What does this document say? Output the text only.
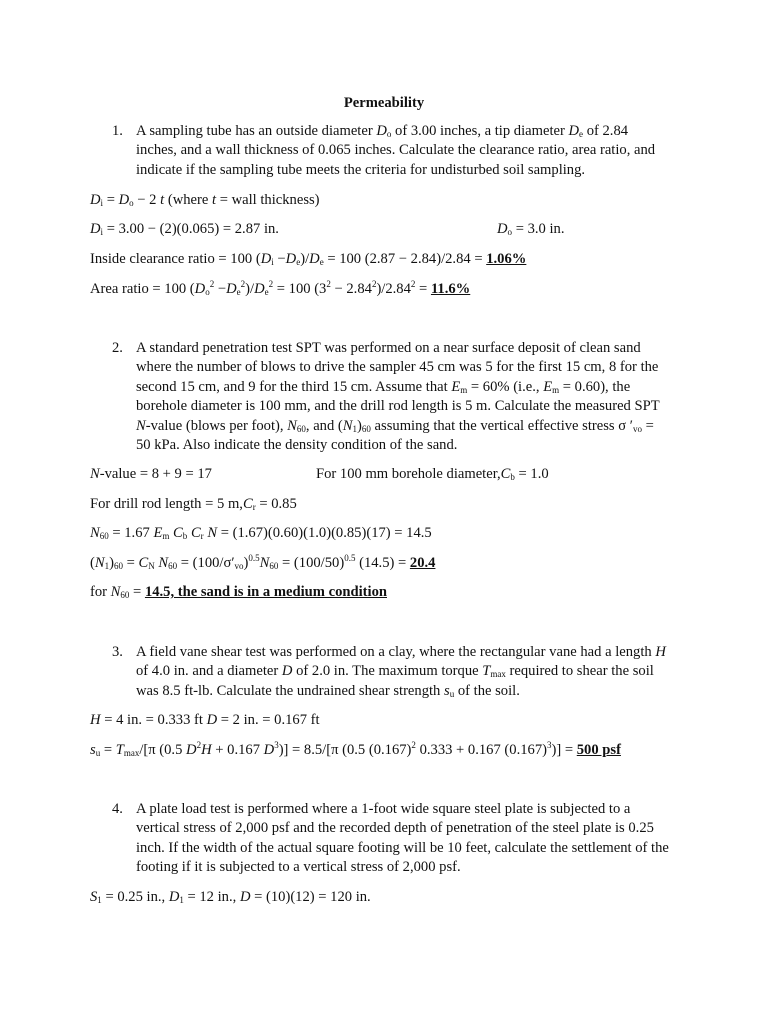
Permeability
1. A sampling tube has an outside diameter $D_o$ of 3.00 inches, a tip diameter $D_e$ of 2.84 inches, and a wall thickness of 0.065 inches. Calculate the clearance ratio, area ratio, and indicate if the sampling tube meets the criteria for undisturbed soil sampling.
$D_i = D_o - 2$ t (where t = wall thickness)
$D_i = 3.00 - (2)(0.065) = 2.87$ in.	$D_o = 3.0$ in.
Inside clearance ratio = 100 $(D_i -D_e)/D_e = 100$ (2.87 − 2.84)/2.84 = 1.06%
Area ratio = 100 $(D_o^2 -D_e^2)/D_e^2 = 100$ $(3^2 - 2.84^2)/2.84^2 = 11.6\%$
2. A standard penetration test SPT was performed on a near surface deposit of clean sand where the number of blows to drive the sampler 45 cm was 5 for the first 15 cm, 8 for the second 15 cm, and 9 for the third 15 cm. Assume that $E_m = 60\%$ (i.e., $E_m = 0.60$), the borehole diameter is 100 mm, and the drill rod length is 5 m. Calculate the measured SPT N-value (blows per foot), $N_{60}$, and $(N_1)_{60}$ assuming that the vertical effective stress σ $'_{vo} = 50$ kPa. Also indicate the density condition of the sand.
N-value = 8 + 9 = 17	For 100 mm borehole $diameter,C_b = 1.0$
For drill rod length = 5 $m,C_r = 0.85$
$N_{60} = 1.67$ $E_m$ $C_b$ $C_r$ N = (1.67)(0.60)(1.0)(0.85)(17) = 14.5
$(N_1)_{60} = C_N$ $N_{60} = (100/\sigma'_{vo})^{0.5}N_{60} = (100/50)^{0.5}$ (14.5) = 20.4
for $N_{60} = 14.5$, the sand is in a medium condition
3. A field vane shear test was performed on a clay, where the rectangular vane had a length H of 4.0 in. and a diameter D of 2.0 in. The maximum torque $T_{max}$ required to shear the soil was 8.5 ft-lb. Calculate the undrained shear strength $s_u$ of the soil.
H = 4 in. = 0.333 ft D = 2 in. = 0.167 ft
$s_u = T_{max}/[\pi$ (0.5 $D^2H + 0.167$ $D^3)] = 8.5/[\pi$ (0.5 $(0.167)^2$ 0.333 + 0.167 $(0.167)^3)] = 500$ psf
4. A plate load test is performed where a 1-foot wide square steel plate is subjected to a vertical stress of 2,000 psf and the recorded depth of penetration of the steel plate is 0.25 inch. If the width of the actual square footing will be 10 feet, calculate the settlement of the footing if it is subjected to a vertical stress of 2,000 psf.
$S_1 = 0.25$ in., $D_1 = 12$ in., D = (10)(12) = 120 in.
